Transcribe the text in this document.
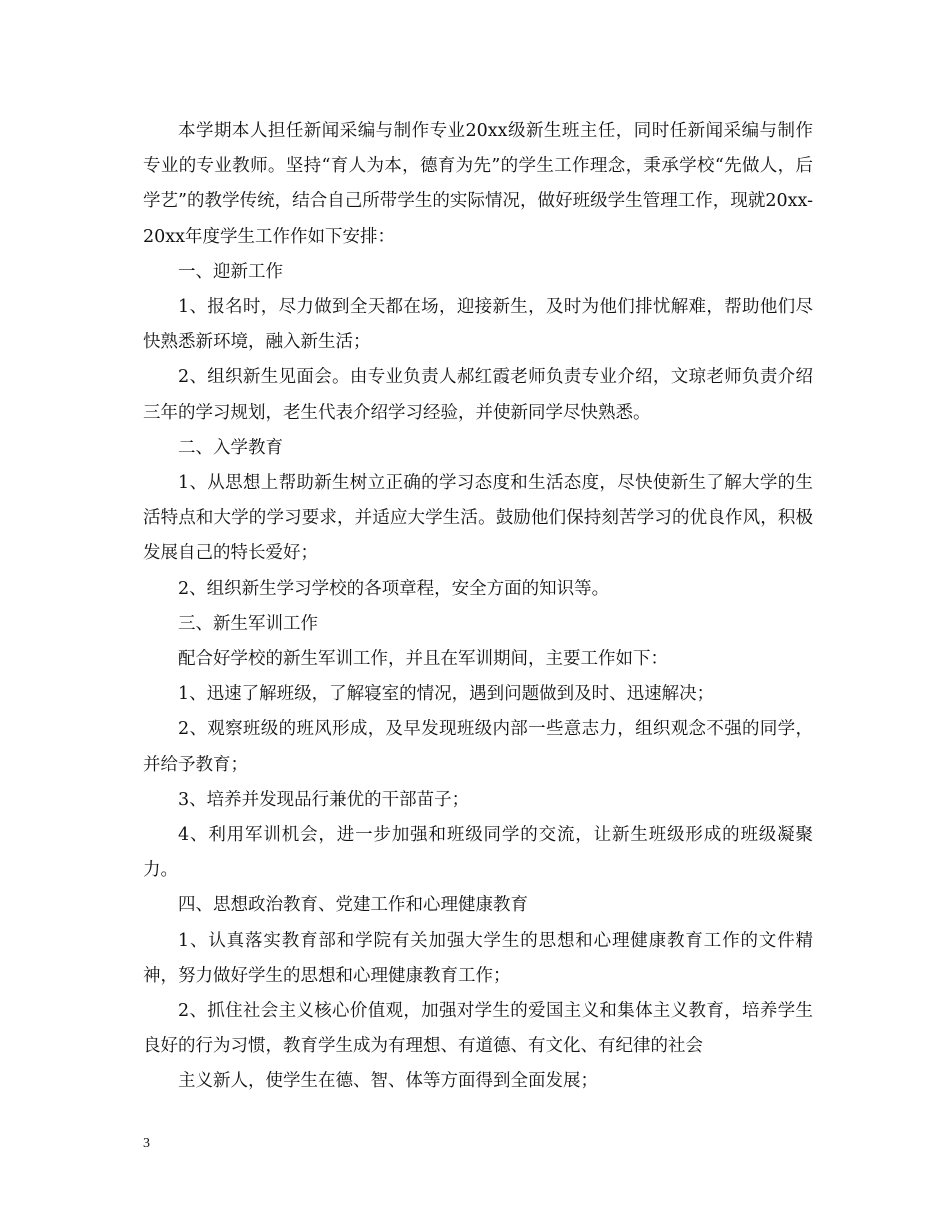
本学期本人担任新闻采编与制作专业20xx级新生班主任，同时任新闻采编与制作专业的专业教师。坚持“育人为本，德育为先”的学生工作理念，秉承学校“先做人，后学艺”的教学传统，结合自己所带学生的实际情况，做好班级学生管理工作，现就20xx-20xx年度学生工作作如下安排：

一、迎新工作

1、报名时，尽力做到全天都在场，迎接新生，及时为他们排忧解难，帮助他们尽快熟悉新环境，融入新生活；

2、组织新生见面会。由专业负责人郝红霞老师负责专业介绍，文琼老师负责介绍三年的学习规划，老生代表介绍学习经验，并使新同学尽快熟悉。

二、入学教育

1、从思想上帮助新生树立正确的学习态度和生活态度，尽快使新生了解大学的生活特点和大学的学习要求，并适应大学生活。鼓励他们保持刻苦学习的优良作风，积极发展自己的特长爱好；

2、组织新生学习学校的各项章程，安全方面的知识等。

三、新生军训工作

配合好学校的新生军训工作，并且在军训期间，主要工作如下：

1、迅速了解班级，了解寝室的情况，遇到问题做到及时、迅速解决；

2、观察班级的班风形成，及早发现班级内部一些意志力，组织观念不强的同学，并给予教育；

3、培养并发现品行兼优的干部苗子；

4、利用军训机会，进一步加强和班级同学的交流，让新生班级形成的班级凝聚力。

四、思想政治教育、党建工作和心理健康教育

1、认真落实教育部和学院有关加强大学生的思想和心理健康教育工作的文件精神，努力做好学生的思想和心理健康教育工作；

2、抓住社会主义核心价值观，加强对学生的爱国主义和集体主义教育，培养学生良好的行为习惯，教育学生成为有理想、有道德、有文化、有纪律的社会

主义新人，使学生在德、智、体等方面得到全面发展；

3
